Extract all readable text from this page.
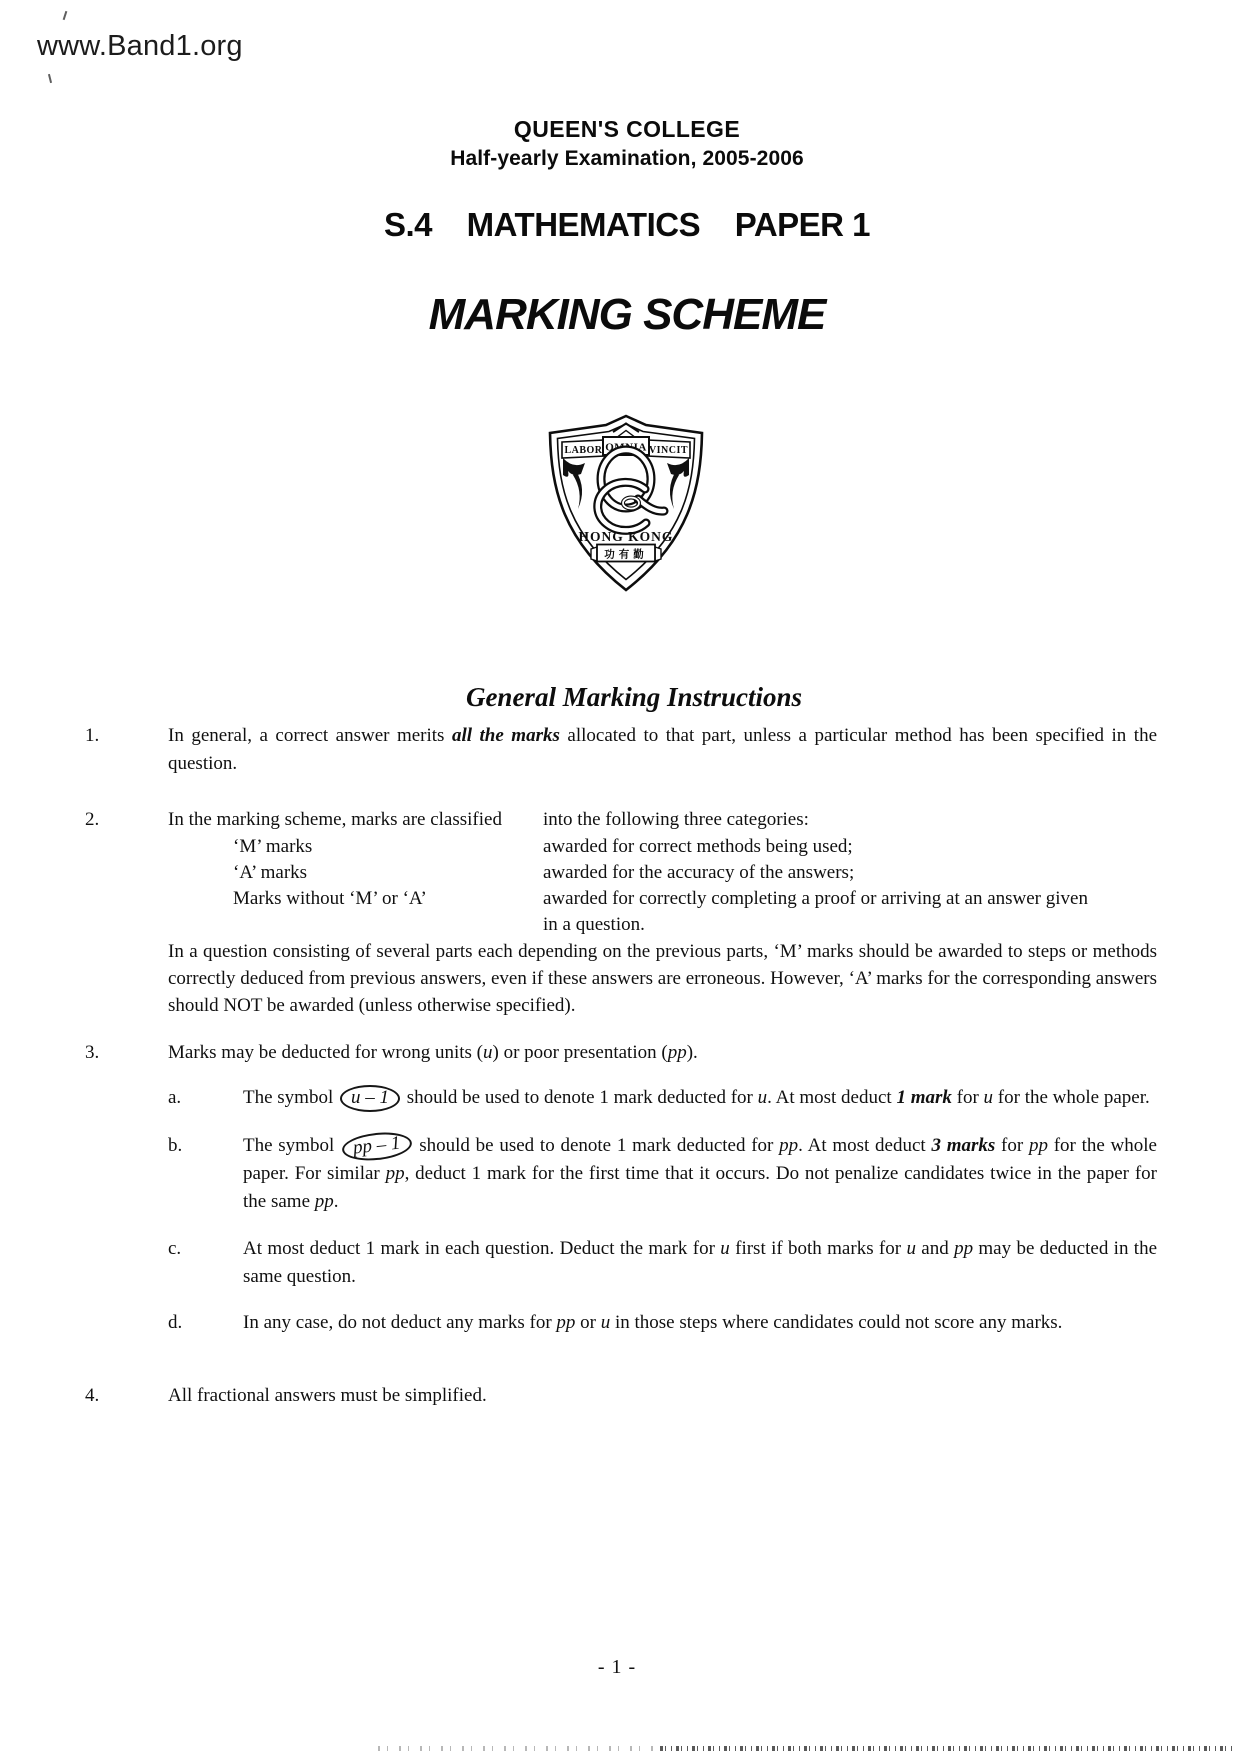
www.Band1.org
QUEEN'S COLLEGE
Half-yearly Examination, 2005-2006
S.4    MATHEMATICS    PAPER 1
MARKING SCHEME
LABOR OMNIA VINCIT
HONG KONG
功有勤
General Marking Instructions
1.	In general, a correct answer merits all the marks allocated to that part, unless a particular method has been specified in the question.
2.	In the marking scheme, marks are classified into the following three categories:
‘M’ marks	awarded for correct methods being used;
‘A’ marks	awarded for the accuracy of the answers;
Marks without ‘M’ or ‘A’	awarded for correctly completing a proof or arriving at an answer given
in a question.
In a question consisting of several parts each depending on the previous parts, ‘M’ marks should be awarded to steps or methods correctly deduced from previous answers, even if these answers are erroneous. However, ‘A’ marks for the corresponding answers should NOT be awarded (unless otherwise specified).
3.	Marks may be deducted for wrong units (u) or poor presentation (pp).
a.	The symbol u – 1 should be used to denote 1 mark deducted for u. At most deduct 1 mark for u for the whole paper.
b.	The symbol pp – 1 should be used to denote 1 mark deducted for pp. At most deduct 3 marks for pp for the whole paper. For similar pp, deduct 1 mark for the first time that it occurs. Do not penalize candidates twice in the paper for the same pp.
c.	At most deduct 1 mark in each question. Deduct the mark for u first if both marks for u and pp may be deducted in the same question.
d.	In any case, do not deduct any marks for pp or u in those steps where candidates could not score any marks.
4.	All fractional answers must be simplified.
- 1 -
